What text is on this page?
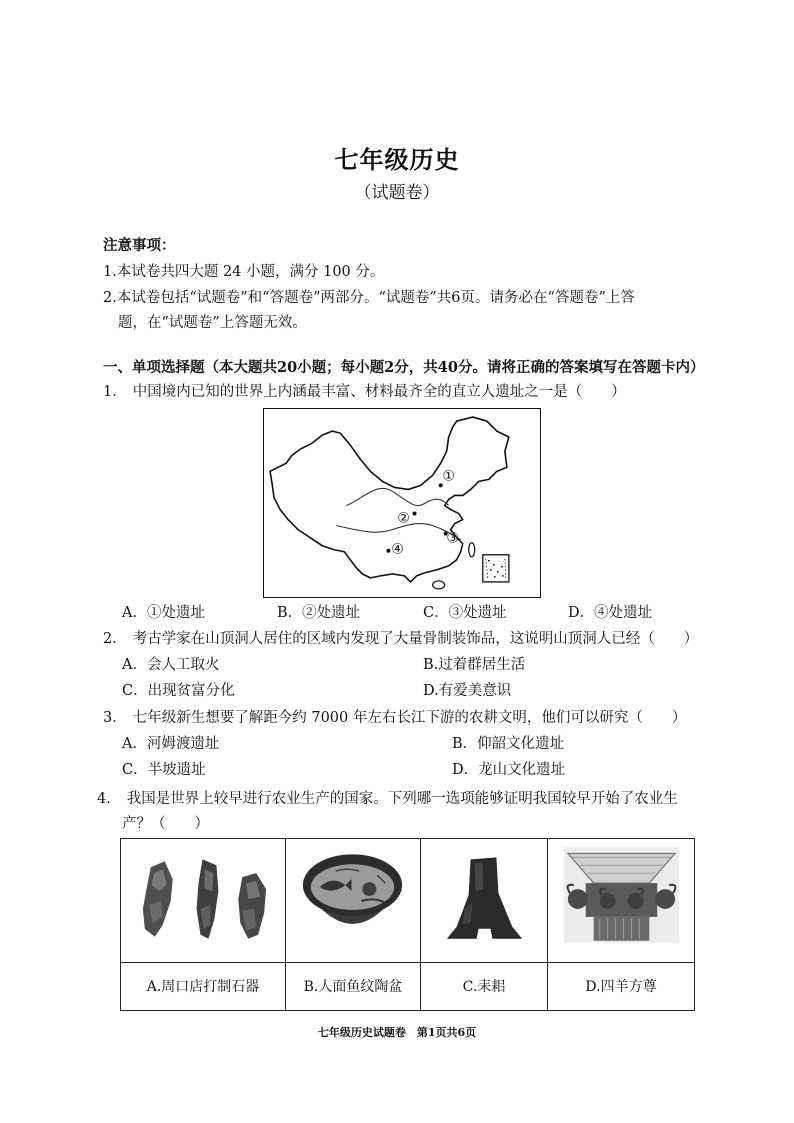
七年级历史
（试题卷）
注意事项：
1.本试卷共四大题 24 小题，满分 100 分。
2.本试卷包括“试题卷”和“答题卷”两部分。“试题卷”共6页。请务必在“答题卷”上答
题，在“试题卷”上答题无效。
一、单项选择题（本大题共20小题；每小题2分，共40分。请将正确的答案填写在答题卡内）
1． 中国境内已知的世界上内涵最丰富、材料最齐全的直立人遗址之一是（　　）
①
②
③
④
A．①处遗址	B．②处遗址	C．③处遗址	D．④处遗址
2． 考古学家在山顶洞人居住的区域内发现了大量骨制装饰品，这说明山顶洞人已经（　　）
A．会人工取火	B.过着群居生活
C．出现贫富分化	D.有爱美意识
3． 七年级新生想要了解距今约 7000 年左右长江下游的农耕文明，他们可以研究（　　）
A．河姆渡遗址	B．仰韶文化遗址
C．半坡遗址	D．龙山文化遗址
4． 我国是世界上较早进行农业生产的国家。下列哪一选项能够证明我国较早开始了农业生
产？（　　）

A.周口店打制石器	B.人面鱼纹陶盆	C.耒耜	D.四羊方尊
七年级历史试题卷　第1页共6页
